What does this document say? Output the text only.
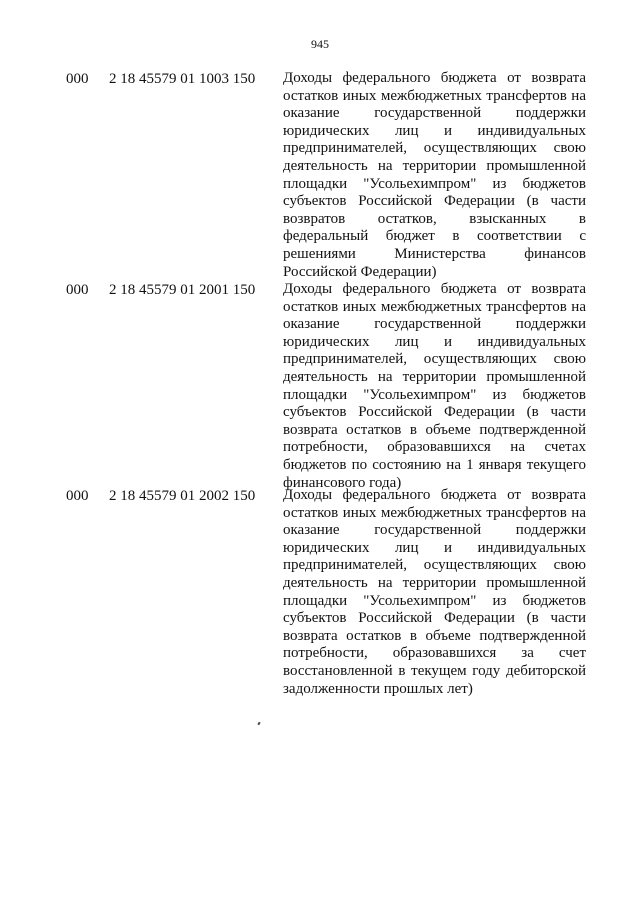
945
000 2 18 45579 01 1003 150 Доходы федерального бюджета от возврата остатков иных межбюджетных трансфертов на оказание государственной поддержки юридических лиц и индивидуальных предпринимателей, осуществляющих свою деятельность на территории промышленной площадки "Усольехимпром" из бюджетов субъектов Российской Федерации (в части возвратов остатков, взысканных в федеральный бюджет в соответствии с решениями Министерства финансов Российской Федерации)
000 2 18 45579 01 2001 150 Доходы федерального бюджета от возврата остатков иных межбюджетных трансфертов на оказание государственной поддержки юридических лиц и индивидуальных предпринимателей, осуществляющих свою деятельность на территории промышленной площадки "Усольехимпром" из бюджетов субъектов Российской Федерации (в части возврата остатков в объеме подтвержденной потребности, образовавшихся на счетах бюджетов по состоянию на 1 января текущего финансового года)
000 2 18 45579 01 2002 150 Доходы федерального бюджета от возврата остатков иных межбюджетных трансфертов на оказание государственной поддержки юридических лиц и индивидуальных предпринимателей, осуществляющих свою деятельность на территории промышленной площадки "Усольехимпром" из бюджетов субъектов Российской Федерации (в части возврата остатков в объеме подтвержденной потребности, образовавшихся за счет восстановленной в текущем году дебиторской задолженности прошлых лет)
